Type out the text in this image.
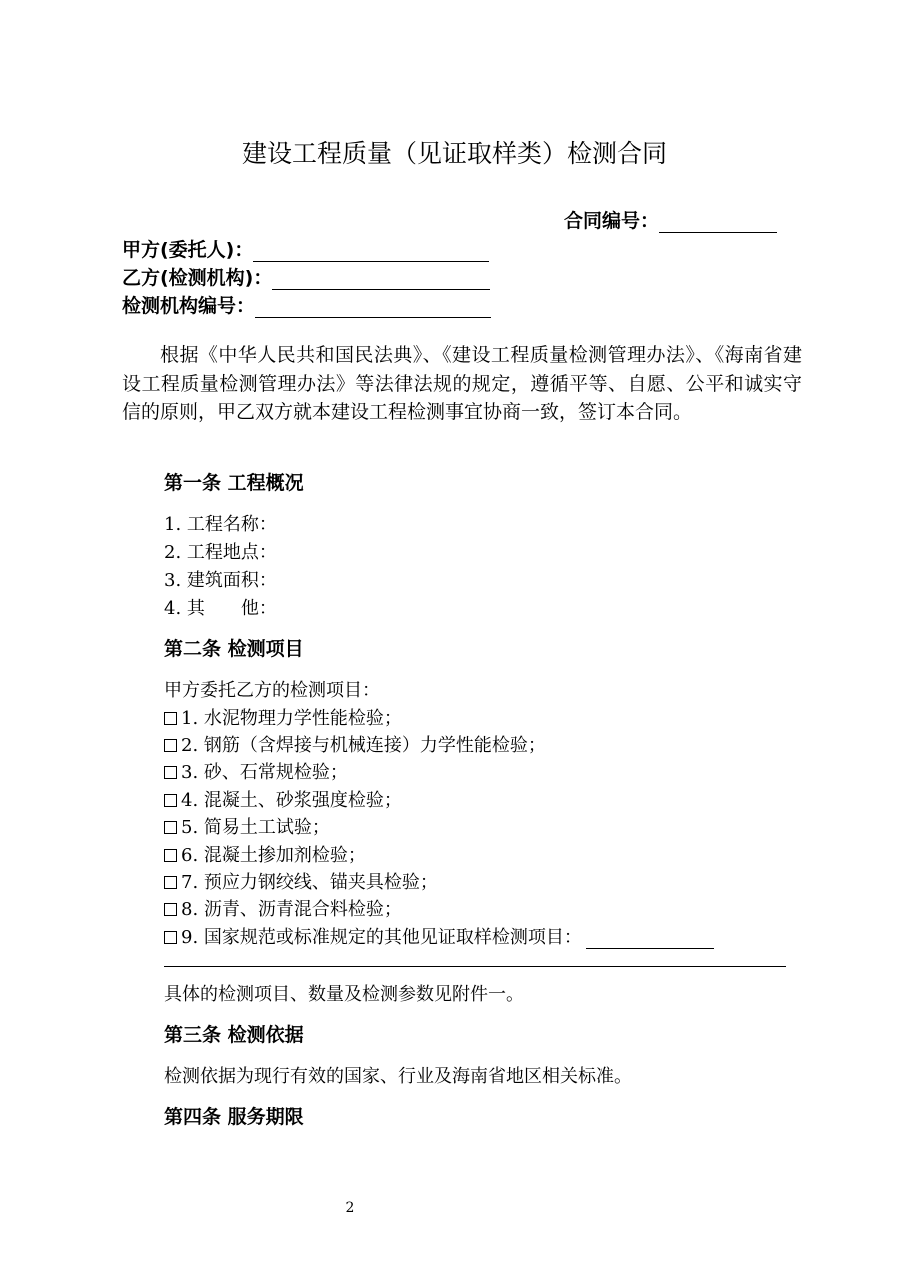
建设工程质量（见证取样类）检测合同
合同编号：
甲方(委托人)：
乙方(检测机构)：
检测机构编号：
根据《中华人民共和国民法典》、《建设工程质量检测管理办法》、《海南省建设工程质量检测管理办法》等法律法规的规定，遵循平等、自愿、公平和诚实守信的原则，甲乙双方就本建设工程检测事宜协商一致，签订本合同。
第一条 工程概况
1. 工程名称：
2. 工程地点：
3. 建筑面积：
4. 其　　他：
第二条 检测项目
甲方委托乙方的检测项目：
1. 水泥物理力学性能检验；
2. 钢筋（含焊接与机械连接）力学性能检验；
3. 砂、石常规检验；
4. 混凝土、砂浆强度检验；
5. 简易土工试验；
6. 混凝土掺加剂检验；
7. 预应力钢绞线、锚夹具检验；
8. 沥青、沥青混合料检验；
9. 国家规范或标准规定的其他见证取样检测项目：
具体的检测项目、数量及检测参数见附件一。
第三条 检测依据
检测依据为现行有效的国家、行业及海南省地区相关标准。
第四条 服务期限
2
